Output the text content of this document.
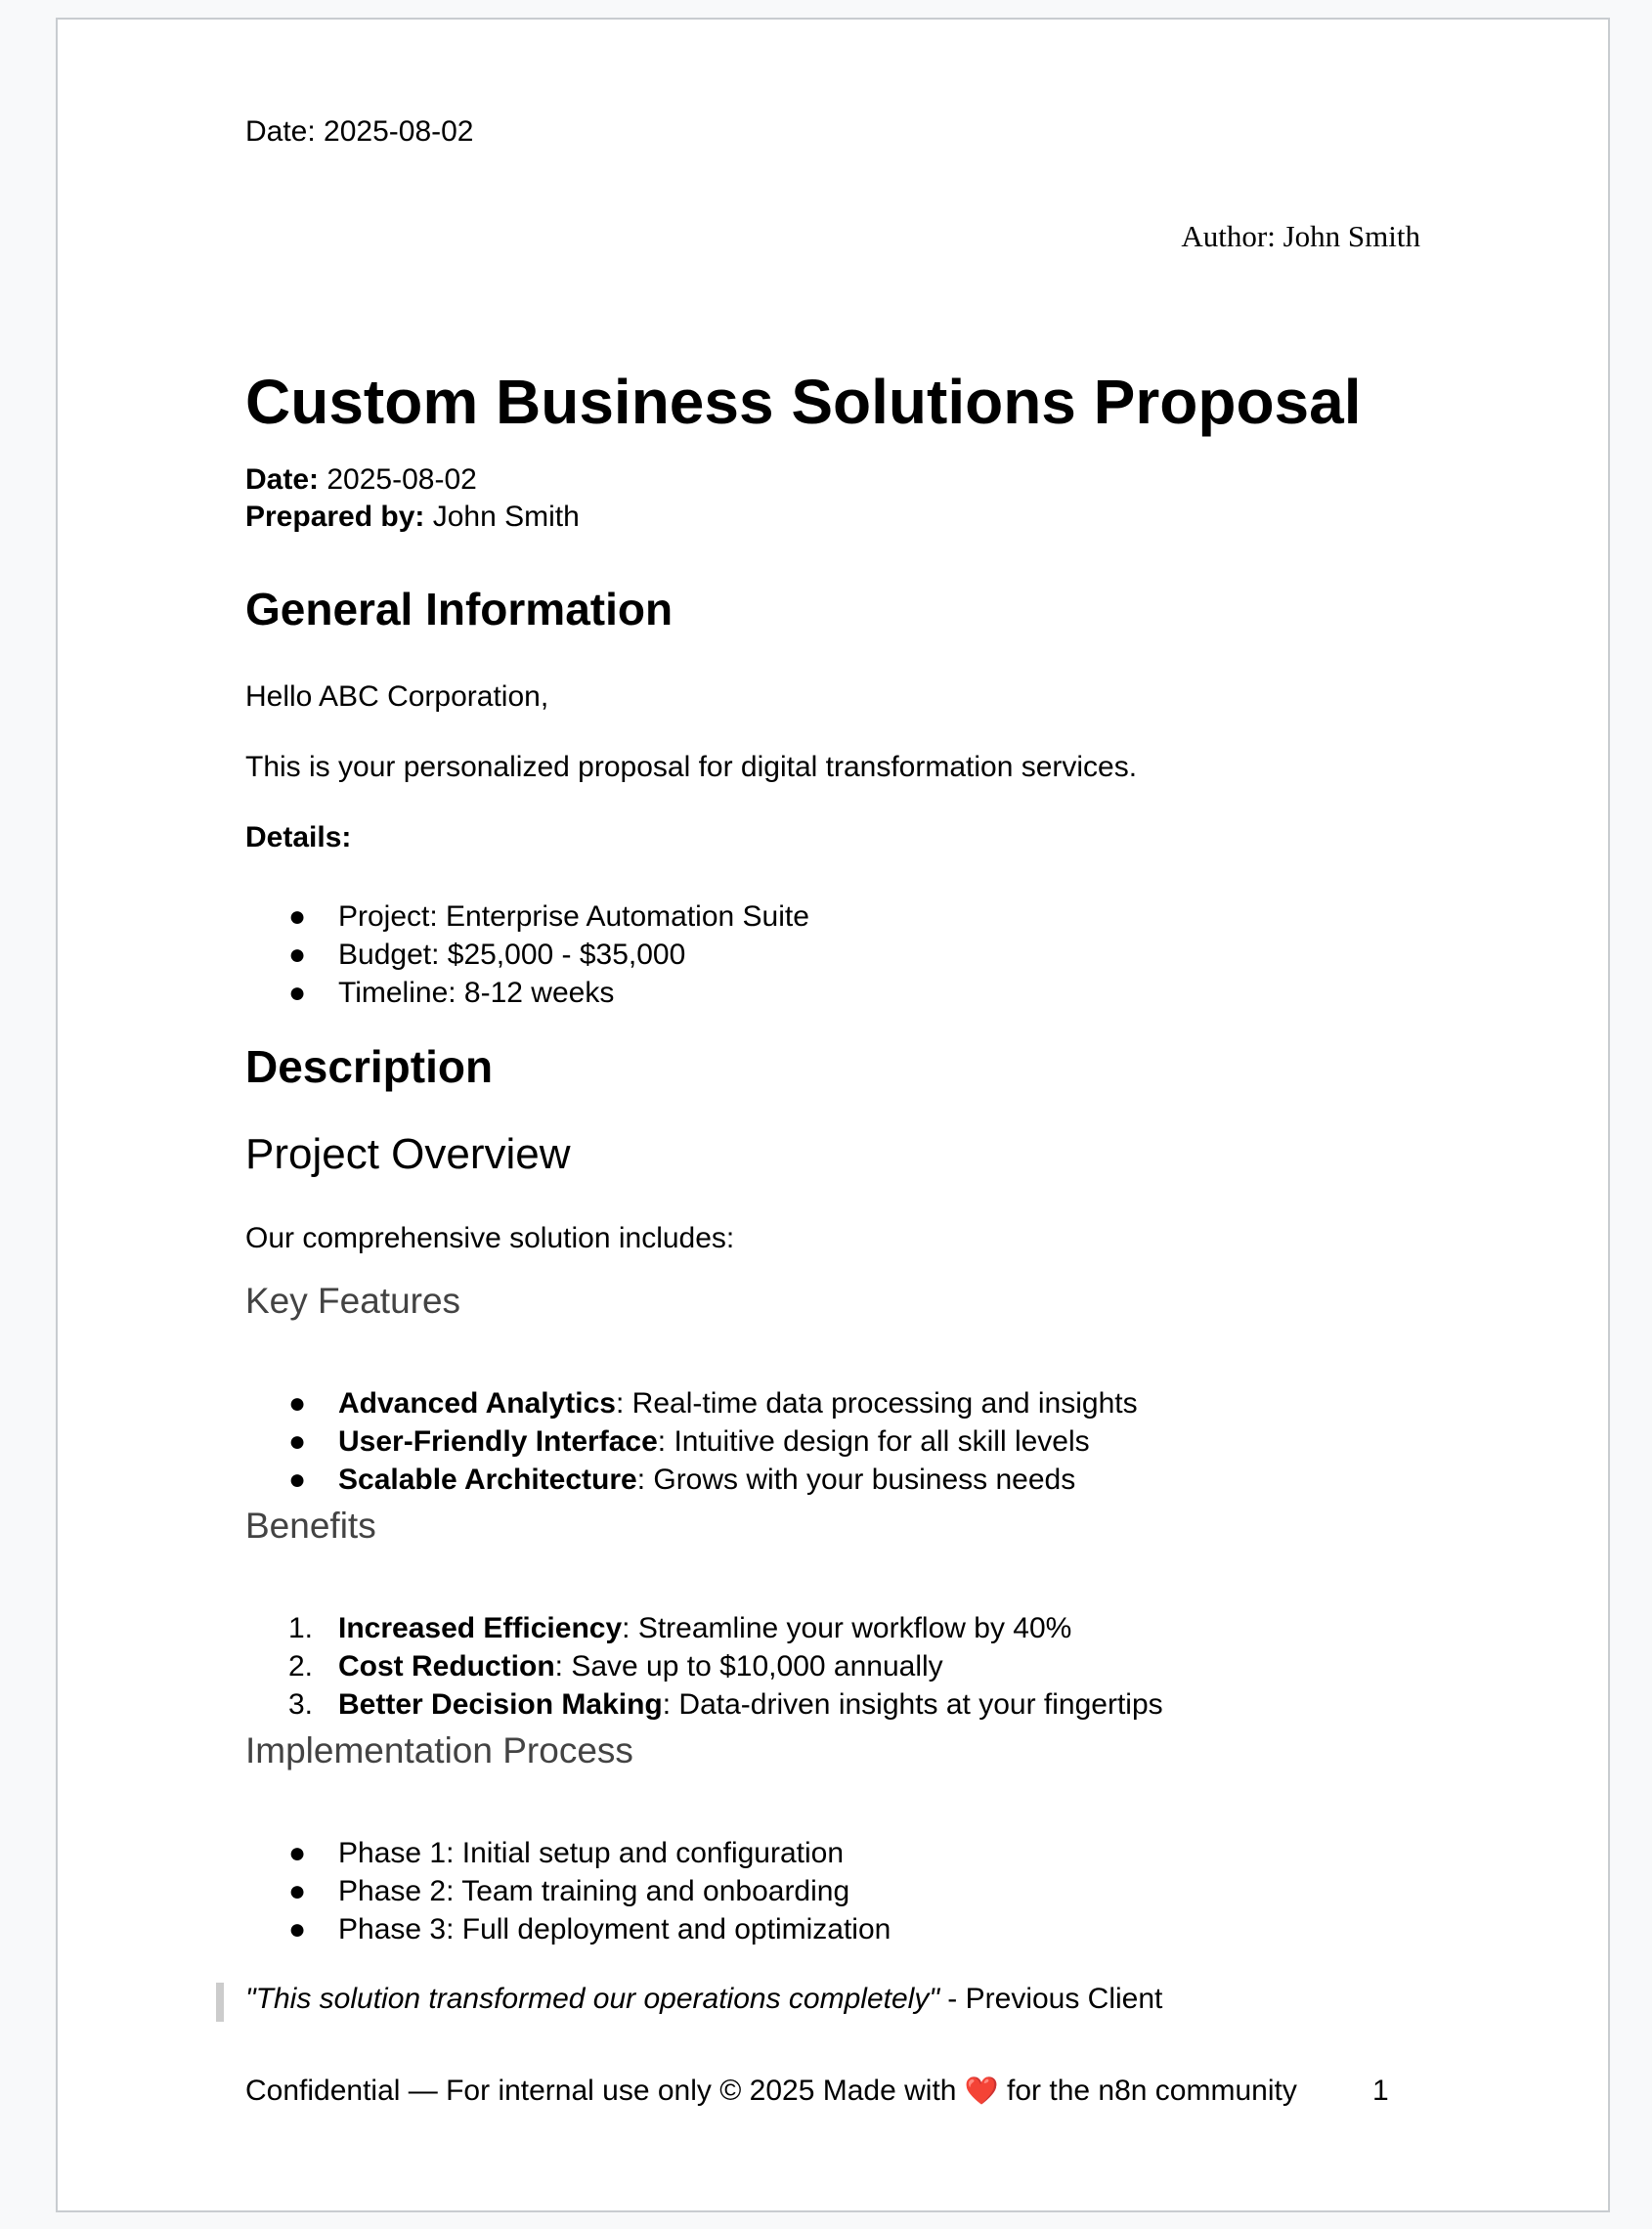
Date: 2025-08-02

Author: John Smith

Custom Business Solutions Proposal

Date: 2025-08-02

Prepared by: John Smith

General Information

Hello ABC Corporation,

This is your personalized proposal for digital transformation services.

Details:

●	Project: Enterprise Automation Suite
●	Budget: $25,000 - $35,000
●	Timeline: 8-12 weeks
Description
Project Overview

Our comprehensive solution includes:

Key Features
●	Advanced Analytics: Real-time data processing and insights
●	User-Friendly Interface: Intuitive design for all skill levels
●	Scalable Architecture: Grows with your business needs
Benefits
1. Increased Efficiency: Streamline your workflow by 40%
2. Cost Reduction: Save up to $10,000 annually
3. Better Decision Making: Data-driven insights at your fingertips
Implementation Process
●	Phase 1: Initial setup and configuration
●	Phase 2: Team training and onboarding
●	Phase 3: Full deployment and optimization

"This solution transformed our operations completely" - Previous Client

Confidential — For internal use only © 2025 Made with ❤️ for the n8n community	1
